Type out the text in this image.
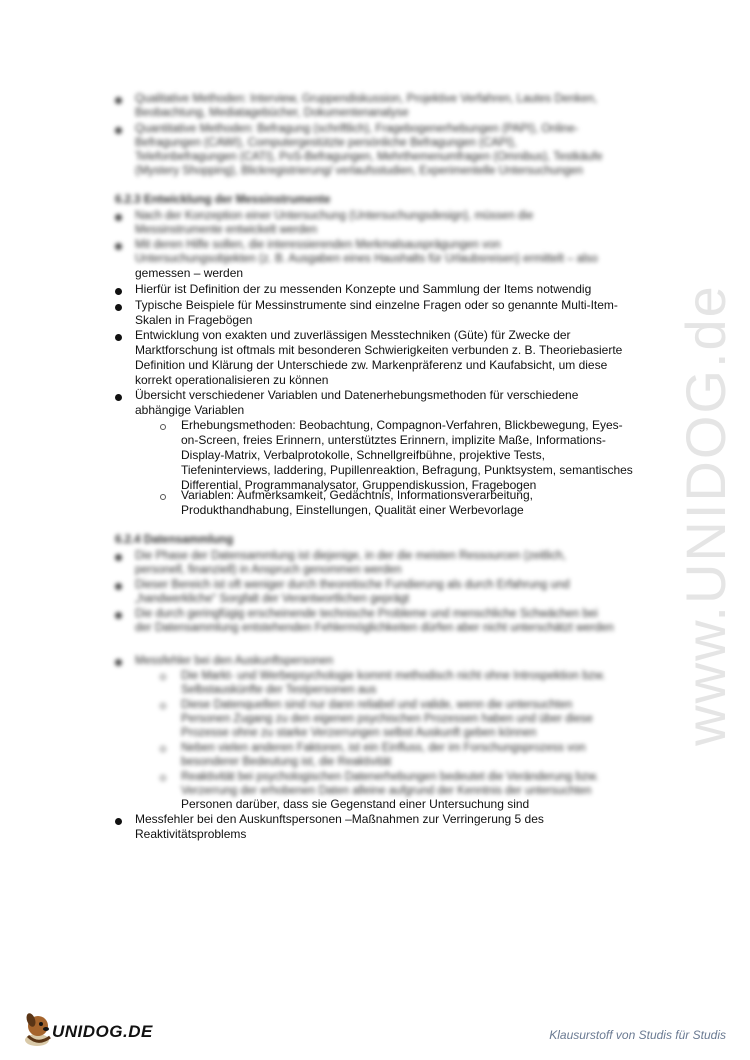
www.UNIDOG.de
Qualitative Methoden: Interview, Gruppendiskussion, Projektive Verfahren, Lautes Denken,
Beobachtung, Mediatagebücher, Dokumentenanalyse
Quantitative Methoden: Befragung (schriftlich), Fragebogenerhebungen (PAPI), Online-
Befragungen (CAWI), Computergestützte persönliche Befragungen (CAPI),
Telefonbefragungen (CATI), PoS-Befragungen, Mehrthemenumfragen (Omnibus), Testkäufe
(Mystery Shopping), Blickregistrierung/ verlaufsstudien, Experimentelle Untersuchungen
6.2.3 Entwicklung der Messinstrumente
Nach der Konzeption einer Untersuchung (Untersuchungsdesign), müssen die
Messinstrumente entwickelt werden
Mit deren Hilfe sollen, die interessierenden Merkmalsausprägungen von
Untersuchungsobjekten (z. B. Ausgaben eines Haushalts für Urlaubsreisen) ermittelt – also
gemessen – werden
Hierfür ist Definition der zu messenden Konzepte und Sammlung der Items notwendig
Typische Beispiele für Messinstrumente sind einzelne Fragen oder so genannte Multi-Item-
Skalen in Fragebögen
Entwicklung von exakten und zuverlässigen Messtechniken (Güte) für Zwecke der
Marktforschung ist oftmals mit besonderen Schwierigkeiten verbunden z. B. Theoriebasierte
Definition und Klärung der Unterschiede zw. Markenpräferenz und Kaufabsicht, um diese
korrekt operationalisieren zu können
Übersicht verschiedener Variablen und Datenerhebungsmethoden für verschiedene
abhängige Variablen
Erhebungsmethoden: Beobachtung, Compagnon-Verfahren, Blickbewegung, Eyes-
on-Screen, freies Erinnern, unterstütztes Erinnern, implizite Maße, Informations-
Display-Matrix, Verbalprotokolle, Schnellgreifbühne, projektive Tests,
Tiefeninterviews, laddering, Pupillenreaktion, Befragung, Punktsystem, semantisches
Differential, Programmanalysator, Gruppendiskussion, Fragebogen
Variablen: Aufmerksamkeit, Gedächtnis, Informationsverarbeitung,
Produkthandhabung, Einstellungen, Qualität einer Werbevorlage
6.2.4 Datensammlung
Die Phase der Datensammlung ist diejenige, in der die meisten Ressourcen (zeitlich,
personell, finanziell) in Anspruch genommen werden
Dieser Bereich ist oft weniger durch theoretische Fundierung als durch Erfahrung und
„handwerkliche“ Sorgfalt der Verantwortlichen geprägt
Die durch geringfügig erscheinende technische Probleme und menschliche Schwächen bei
der Datensammlung entstehenden Fehlermöglichkeiten dürfen aber nicht unterschätzt werden
Messfehler bei den Auskunftspersonen
Die Markt- und Werbepsychologie kommt methodisch nicht ohne Introspektion bzw.
Selbstauskünfte der Testpersonen aus
Diese Datenquellen sind nur dann reliabel und valide, wenn die untersuchten
Personen Zugang zu den eigenen psychischen Prozessen haben und über diese
Prozesse ohne zu starke Verzerrungen selbst Auskunft geben können
Neben vielen anderen Faktoren, ist ein Einfluss, der im Forschungsprozess von
besonderer Bedeutung ist, die Reaktivität
Reaktivität bei psychologischen Datenerhebungen bedeutet die Veränderung bzw.
Verzerrung der erhobenen Daten alleine aufgrund der Kenntnis der untersuchten
Personen darüber, dass sie Gegenstand einer Untersuchung sind
Messfehler bei den Auskunftspersonen –Maßnahmen zur Verringerung 5 des
Reaktivitätsproblems
UNIDOG.DE	Klausurstoff von Studis für Studis
